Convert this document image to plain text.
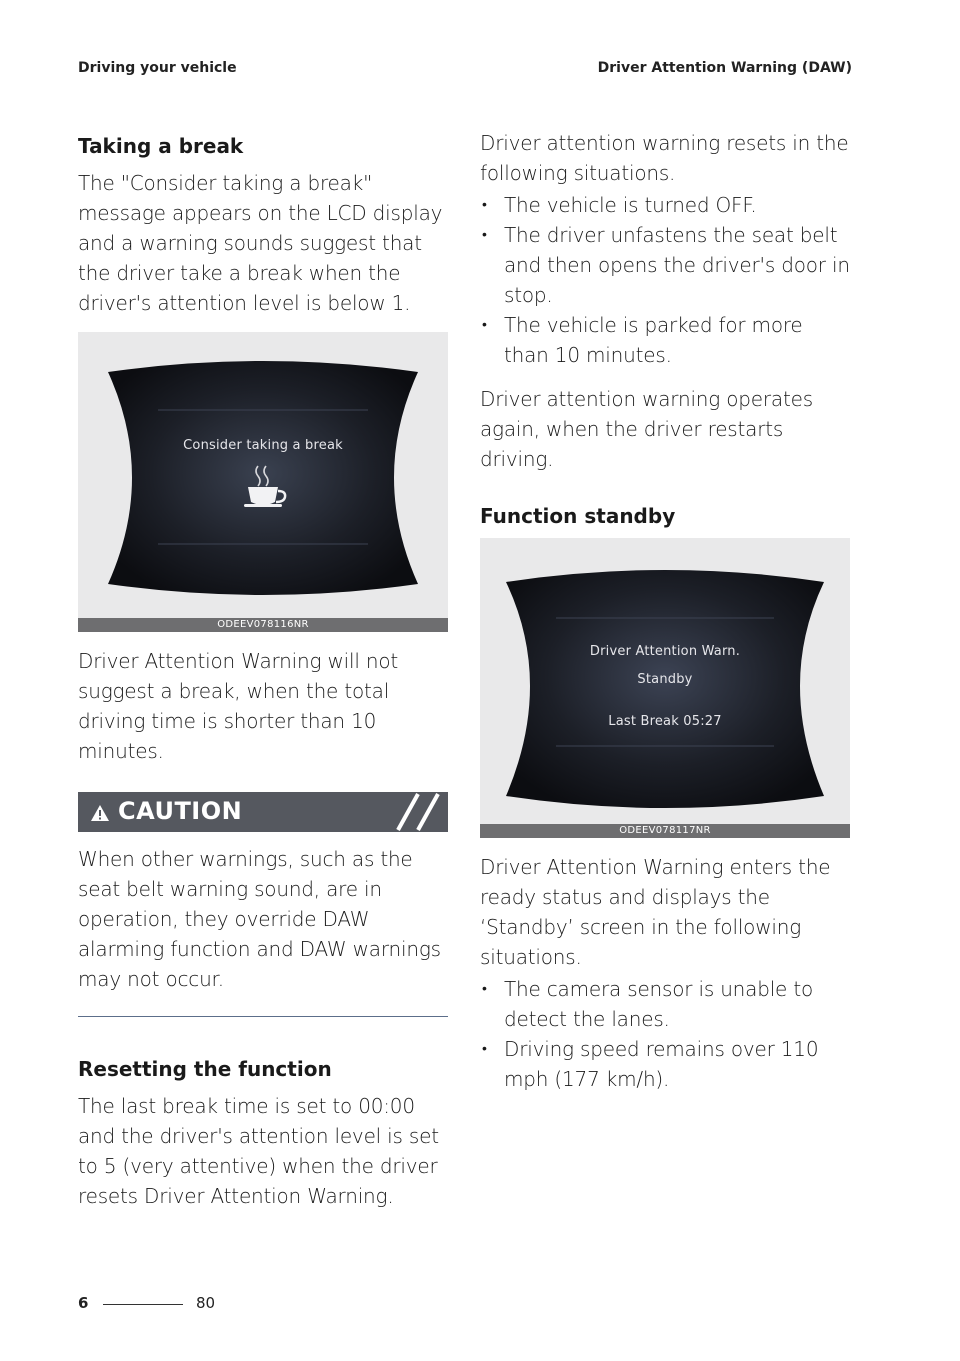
Driving your vehicle	Driver Attention Warning (DAW)
Taking a break

The "Consider taking a break" message appears on the LCD display and a warning sounds suggest that the driver take a break when the driver's attention level is below 1.

Consider taking a break
ODEEV078116NR

Driver Attention Warning will not suggest a break, when the total driving time is shorter than 10 minutes.

CAUTION

When other warnings, such as the seat belt warning sound, are in operation, they override DAW alarming function and DAW warnings may not occur.

Resetting the function

The last break time is set to 00:00 and the driver's attention level is set to 5 (very attentive) when the driver resets Driver Attention Warning.

Driver attention warning resets in the following situations.

• The vehicle is turned OFF.
• The driver unfastens the seat belt and then opens the driver's door in stop.
• The vehicle is parked for more than 10 minutes.

Driver attention warning operates again, when the driver restarts driving.

Function standby
Driver Attention Warn.
Standby
Last Break 05:27
ODEEV078117NR

Driver Attention Warning enters the ready status and displays the ‘Standby’ screen in the following situations.

• The camera sensor is unable to detect the lanes.
• Driving speed remains over 110 mph (177 km/h).
6	80
